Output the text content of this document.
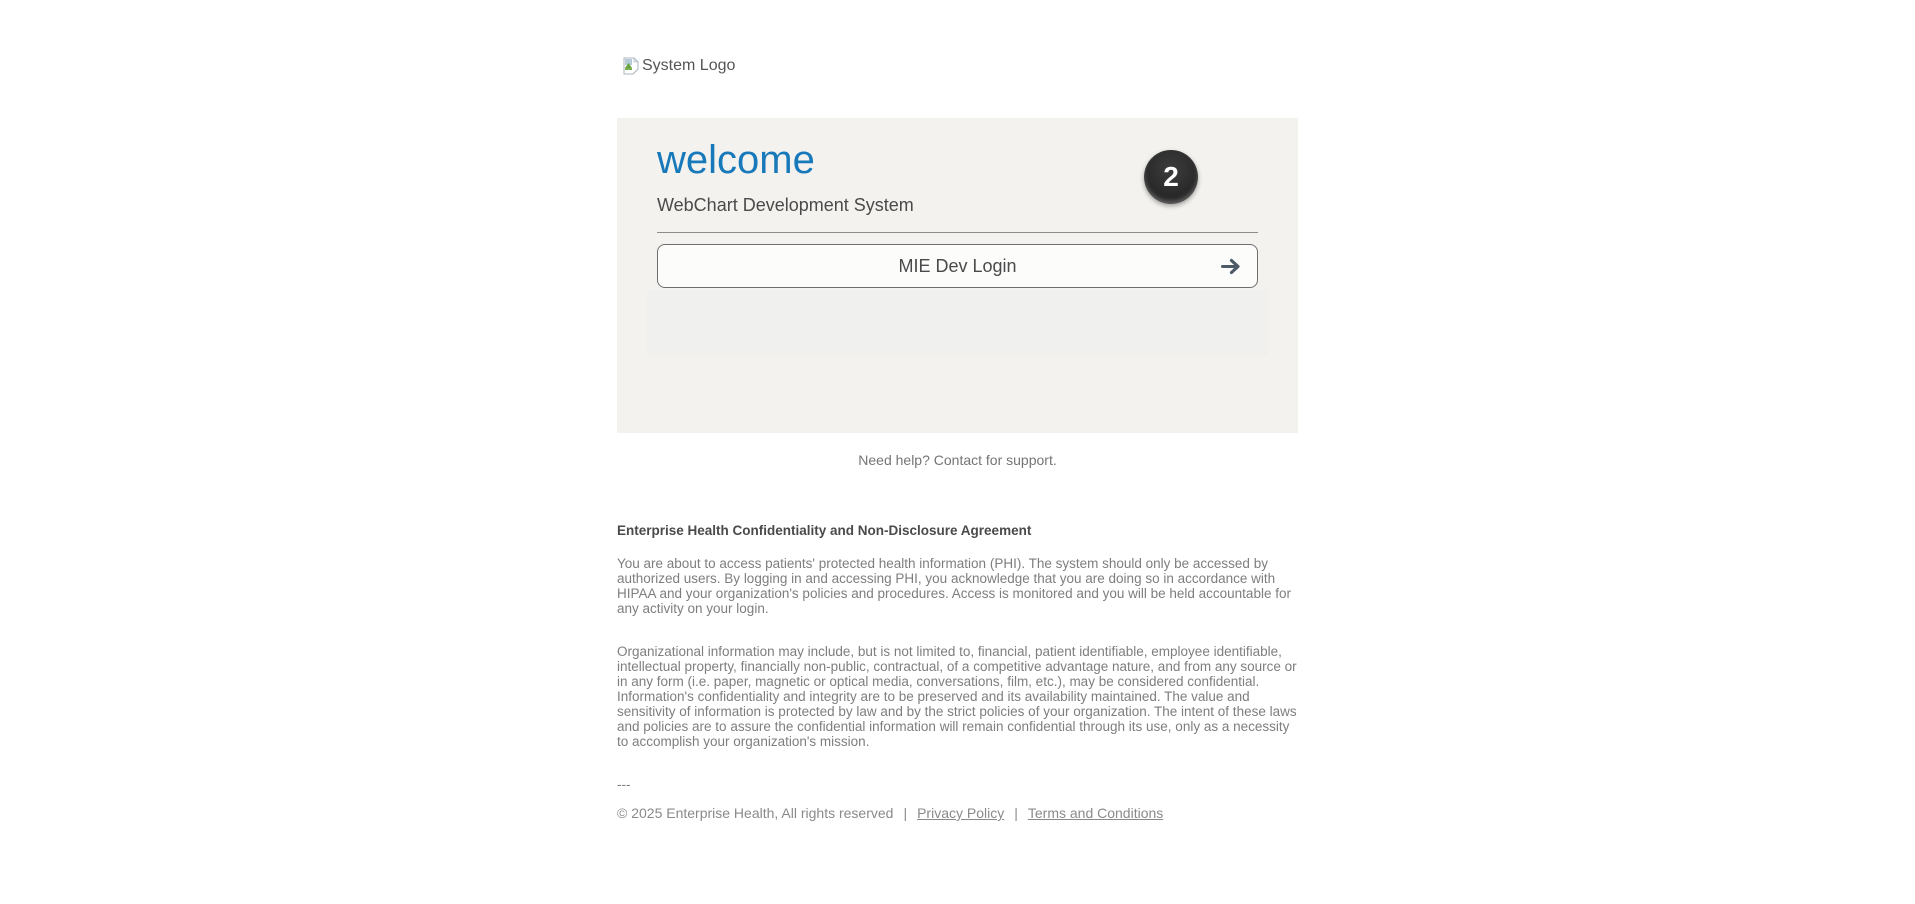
System Logo
welcome
WebChart Development System
2
MIE Dev Login
Need help? Contact for support.
Enterprise Health Confidentiality and Non-Disclosure Agreement

You are about to access patients' protected health information (PHI). The system should only be accessed by authorized users. By logging in and accessing PHI, you acknowledge that you are doing so in accordance with HIPAA and your organization's policies and procedures. Access is monitored and you will be held accountable for any activity on your login.

Organizational information may include, but is not limited to, financial, patient identifiable, employee identifiable, intellectual property, financially non-public, contractual, of a competitive advantage nature, and from any source or in any form (i.e. paper, magnetic or optical media, conversations, film, etc.), may be considered confidential. Information's confidentiality and integrity are to be preserved and its availability maintained. The value and sensitivity of information is protected by law and by the strict policies of your organization. The intent of these laws and policies are to assure the confidential information will remain confidential through its use, only as a necessity to accomplish your organization's mission.

---

© 2025 Enterprise Health, All rights reserved | Privacy Policy | Terms and Conditions
